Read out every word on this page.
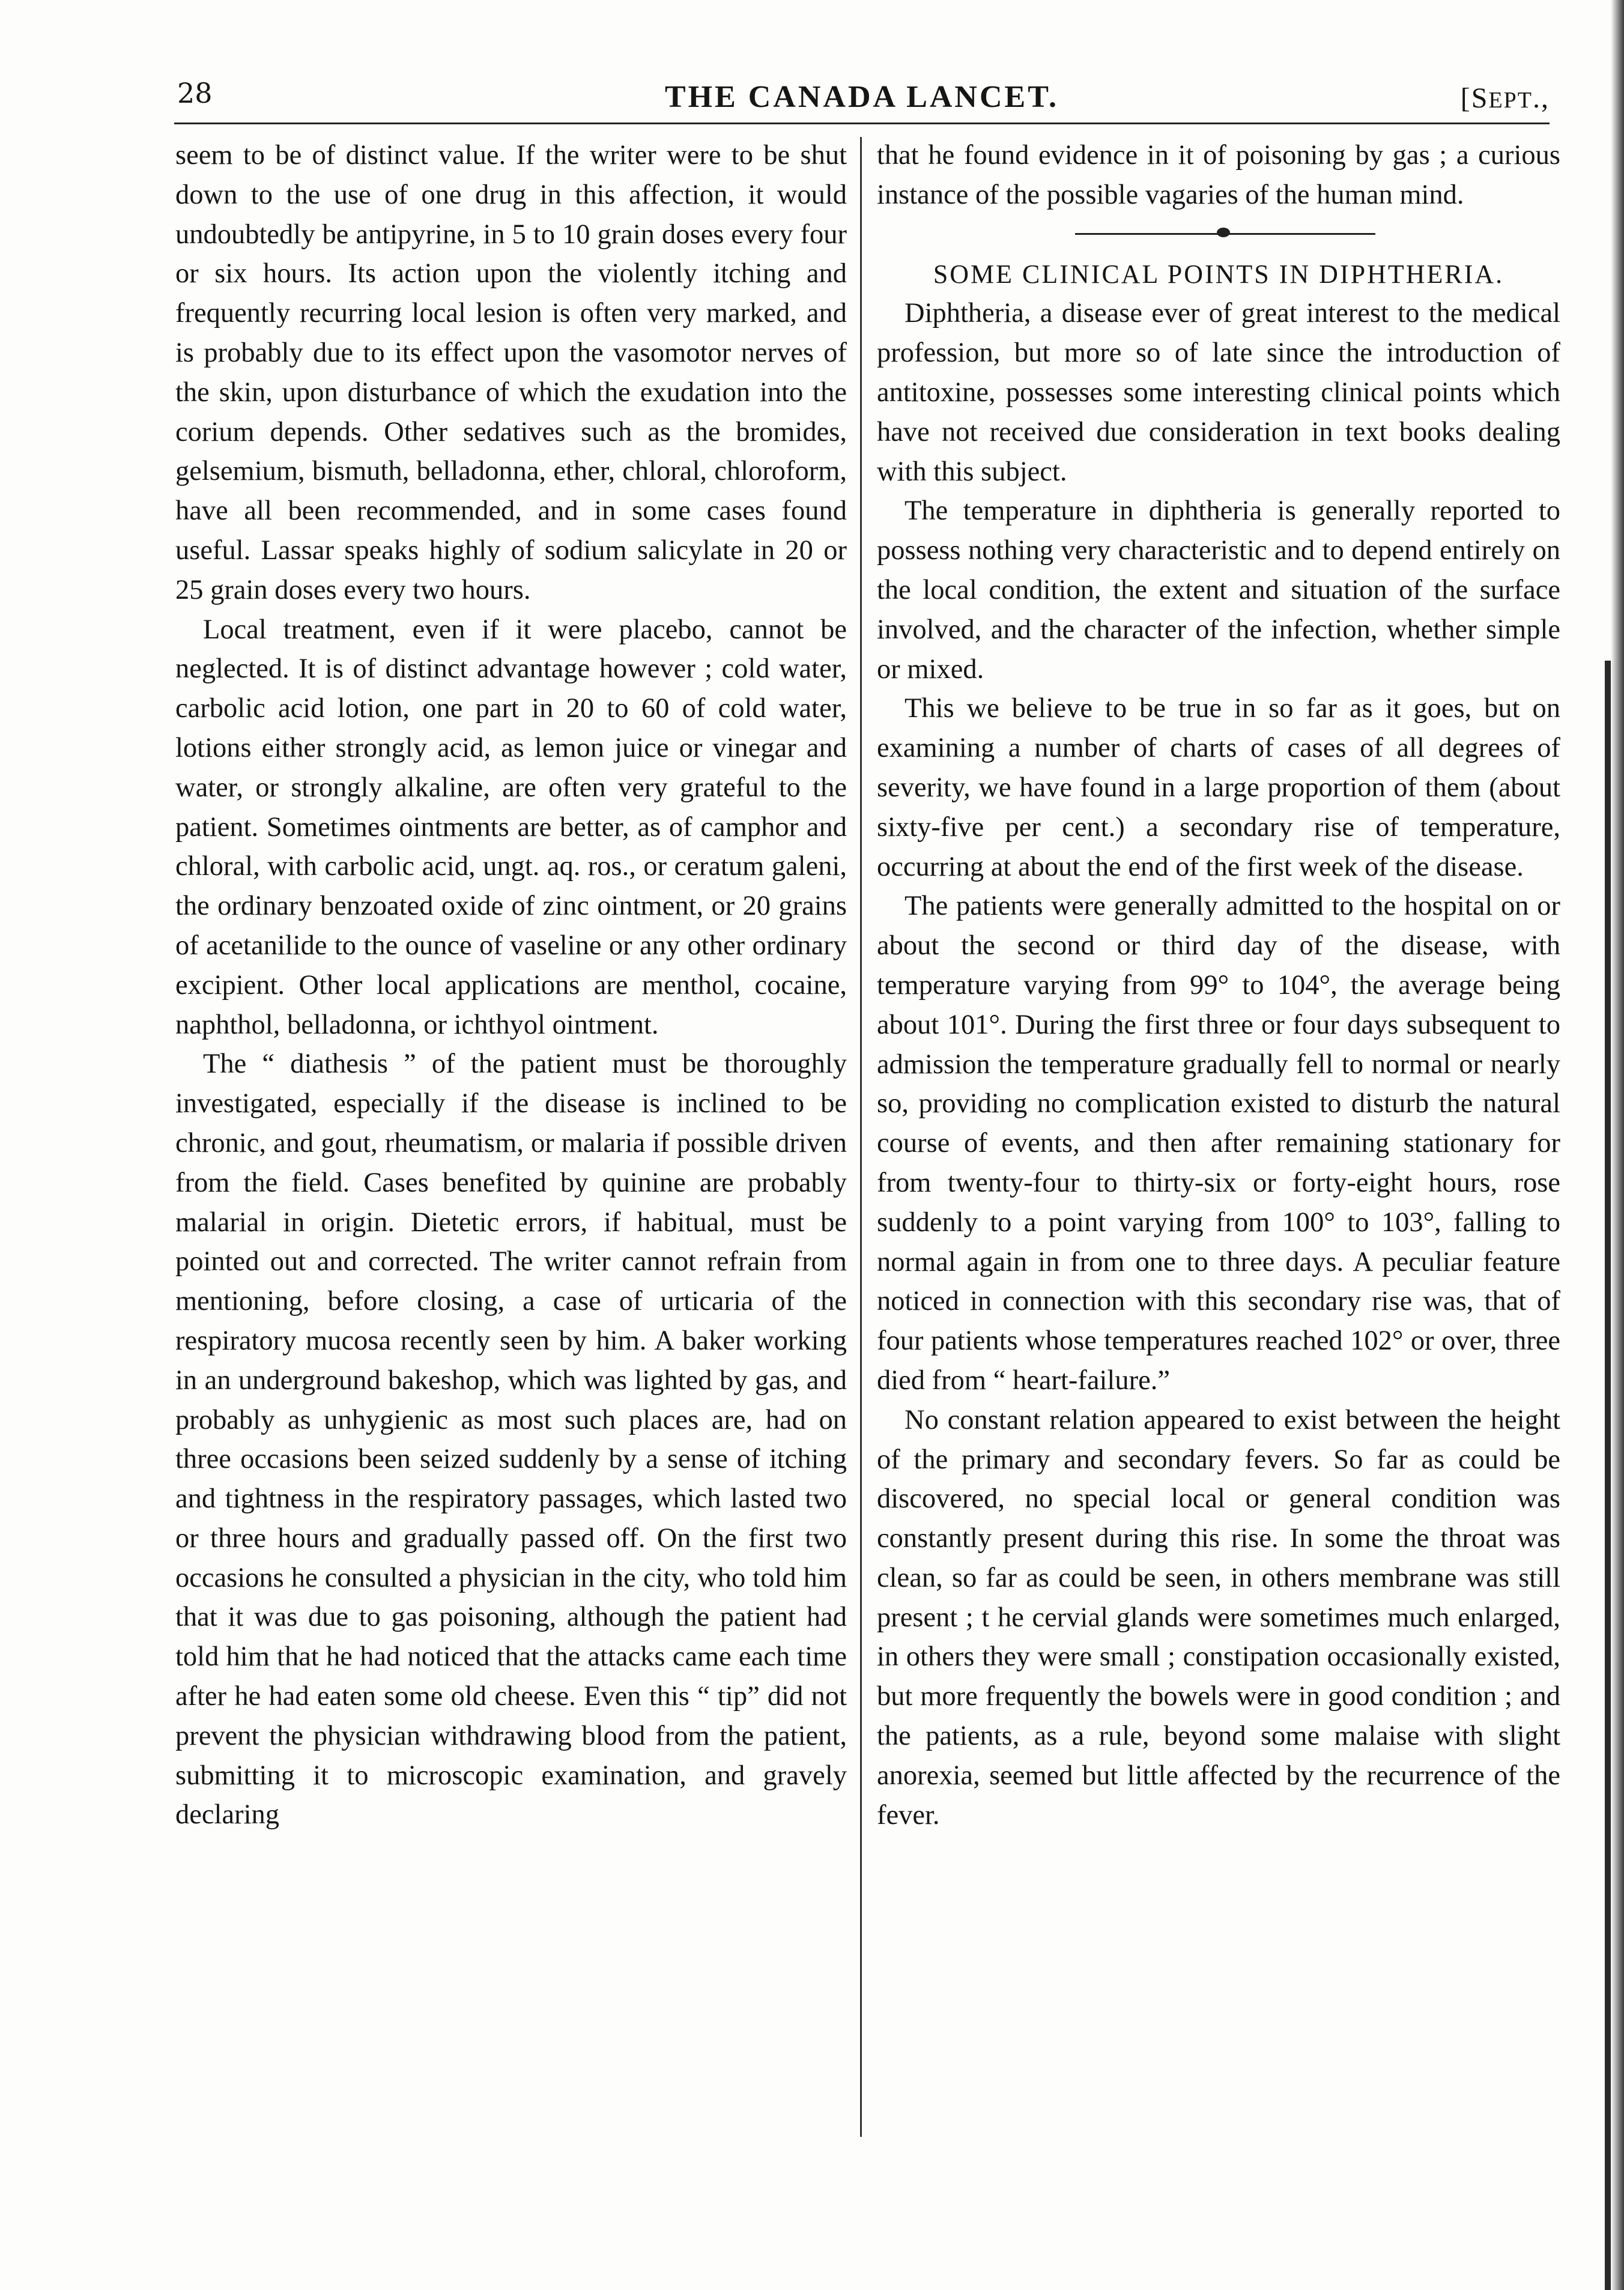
28	THE CANADA LANCET.	[SEPT.,

seem to be of distinct value. If the writer were to be shut down to the use of one drug in this affection, it would undoubtedly be antipyrine, in 5 to 10 grain doses every four or six hours. Its action upon the violently itching and frequently recurring local lesion is often very marked, and is probably due to its effect upon the vasomotor nerves of the skin, upon disturbance of which the exudation into the corium depends. Other sedatives such as the bromides, gelsemium, bismuth, belladonna, ether, chloral, chloroform, have all been recommended, and in some cases found useful. Lassar speaks highly of sodium salicylate in 20 or 25 grain doses every two hours.

Local treatment, even if it were placebo, cannot be neglected. It is of distinct advantage however ; cold water, carbolic acid lotion, one part in 20 to 60 of cold water, lotions either strongly acid, as lemon juice or vinegar and water, or strongly alkaline, are often very grateful to the patient. Sometimes ointments are better, as of camphor and chloral, with carbolic acid, ungt. aq. ros., or ceratum galeni, the ordinary benzoated oxide of zinc ointment, or 20 grains of acetanilide to the ounce of vaseline or any other ordinary excipient. Other local applications are menthol, cocaine, naphthol, belladonna, or ichthyol ointment.

The “ diathesis ” of the patient must be thoroughly investigated, especially if the disease is inclined to be chronic, and gout, rheumatism, or malaria if possible driven from the field. Cases benefited by quinine are probably malarial in origin. Dietetic errors, if habitual, must be pointed out and corrected. The writer cannot refrain from mentioning, before closing, a case of urticaria of the respiratory mucosa recently seen by him. A baker working in an underground bakeshop, which was lighted by gas, and probably as unhygienic as most such places are, had on three occasions been seized suddenly by a sense of itching and tightness in the respiratory passages, which lasted two or three hours and gradually passed off. On the first two occasions he consulted a physician in the city, who told him that it was due to gas poisoning, although the patient had told him that he had noticed that the attacks came each time after he had eaten some old cheese. Even this “ tip” did not prevent the physician withdrawing blood from the patient, submitting it to microscopic examination, and gravely declaring

that he found evidence in it of poisoning by gas ; a curious instance of the possible vagaries of the human mind.

SOME CLINICAL POINTS IN DIPHTHERIA.

Diphtheria, a disease ever of great interest to the medical profession, but more so of late since the introduction of antitoxine, possesses some interesting clinical points which have not received due consideration in text books dealing with this subject.

The temperature in diphtheria is generally reported to possess nothing very characteristic and to depend entirely on the local condition, the extent and situation of the surface involved, and the character of the infection, whether simple or mixed.

This we believe to be true in so far as it goes, but on examining a number of charts of cases of all degrees of severity, we have found in a large proportion of them (about sixty-five per cent.) a secondary rise of temperature, occurring at about the end of the first week of the disease.

The patients were generally admitted to the hospital on or about the second or third day of the disease, with temperature varying from 99° to 104°, the average being about 101°. During the first three or four days subsequent to admission the temperature gradually fell to normal or nearly so, providing no complication existed to disturb the natural course of events, and then after remaining stationary for from twenty-four to thirty-six or forty-eight hours, rose suddenly to a point varying from 100° to 103°, falling to normal again in from one to three days. A peculiar feature noticed in connection with this secondary rise was, that of four patients whose temperatures reached 102° or over, three died from “ heart-failure.”

No constant relation appeared to exist between the height of the primary and secondary fevers. So far as could be discovered, no special local or general condition was constantly present during this rise. In some the throat was clean, so far as could be seen, in others membrane was still present ; t he cervial glands were sometimes much enlarged, in others they were small ; constipation occasionally existed, but more frequently the bowels were in good condition ; and the patients, as a rule, beyond some malaise with slight anorexia, seemed but little affected by the recurrence of the fever.
